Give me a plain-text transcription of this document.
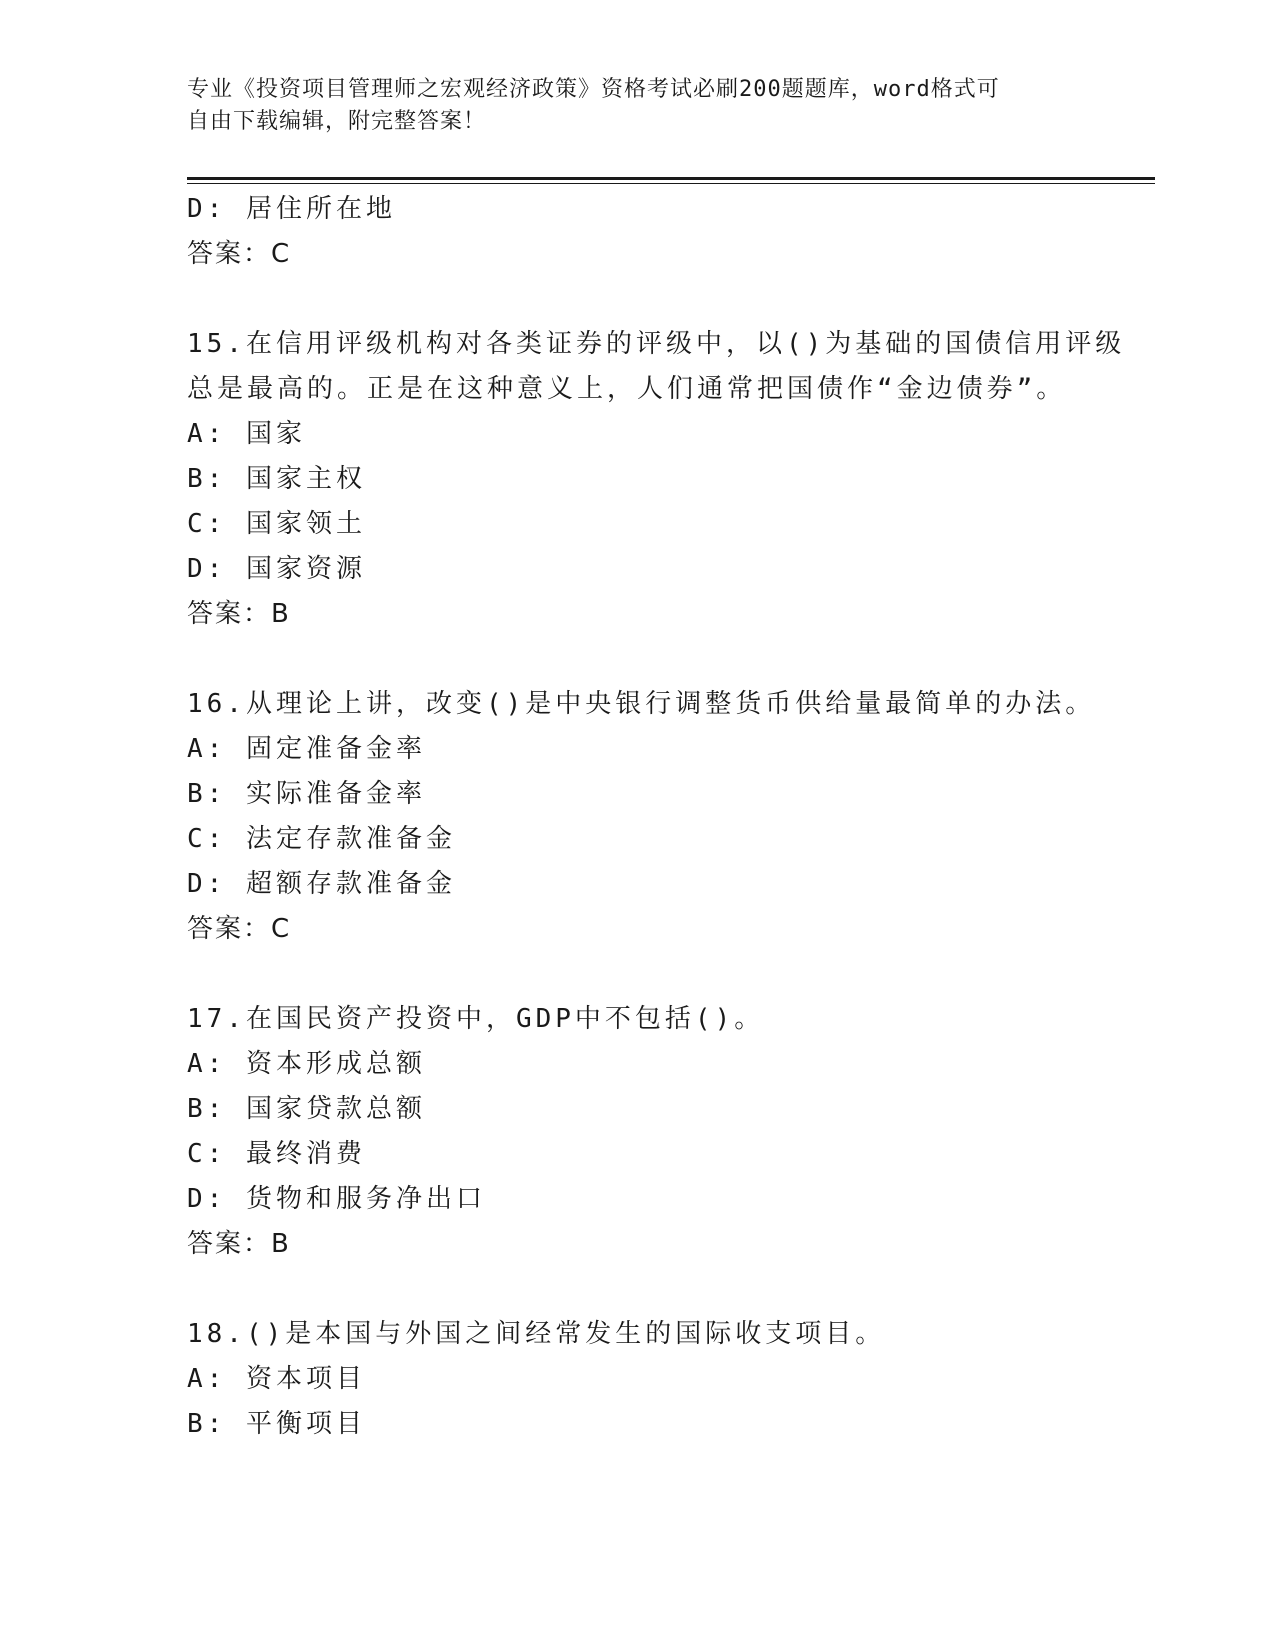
专业《投资项目管理师之宏观经济政策》资格考试必刷200题题库，word格式可
自由下载编辑，附完整答案！
D: 居住所在地
答案：C
15.在信用评级机构对各类证券的评级中，以()为基础的国债信用评级
总是最高的。正是在这种意义上，人们通常把国债作“金边债券”。
A: 国家
B: 国家主权
C: 国家领土
D: 国家资源
答案：B
16.从理论上讲，改变()是中央银行调整货币供给量最简单的办法。
A: 固定准备金率
B: 实际准备金率
C: 法定存款准备金
D: 超额存款准备金
答案：C
17.在国民资产投资中，GDP中不包括()。
A: 资本形成总额
B: 国家贷款总额
C: 最终消费
D: 货物和服务净出口
答案：B
18.()是本国与外国之间经常发生的国际收支项目。
A: 资本项目
B: 平衡项目
